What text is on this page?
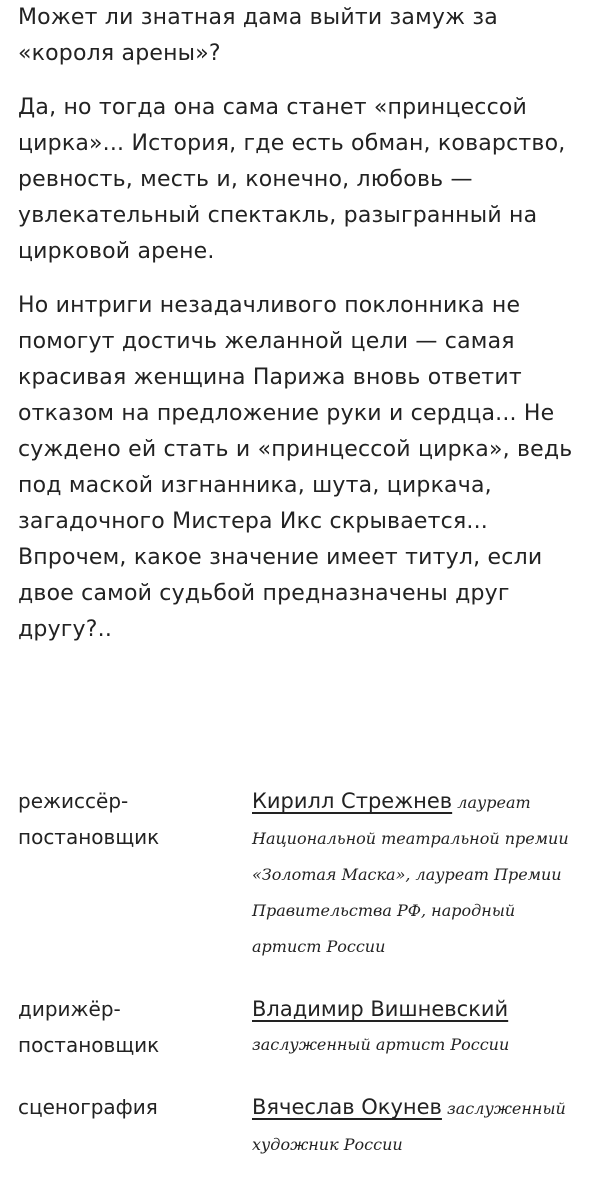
Может ли знатная дама выйти замуж за «короля арены»?

Да, но тогда она сама станет «принцессой цирка»... История, где есть обман, коварство, ревность, месть и, конечно, любовь — увлекательный спектакль, разыгранный на цирковой арене.

Но интриги незадачливого поклонника не помогут достичь желанной цели — самая красивая женщина Парижа вновь ответит отказом на предложение руки и сердца... Не суждено ей стать и «принцессой цирка», ведь под маской изгнанника, шута, циркача, загадочного Мистера Икс скрывается... Впрочем, какое значение имеет титул, если двое самой судьбой предназначены друг другу?..

режиссёр-постановщик
Кирилл Стрежнев лауреат Национальной театральной премии «Золотая Маска», лауреат Премии Правительства РФ, народный артист России
дирижёр-постановщик
Владимир Вишневский
заслуженный артист России
сценография	Вячеслав Окунев заслуженный художник России
